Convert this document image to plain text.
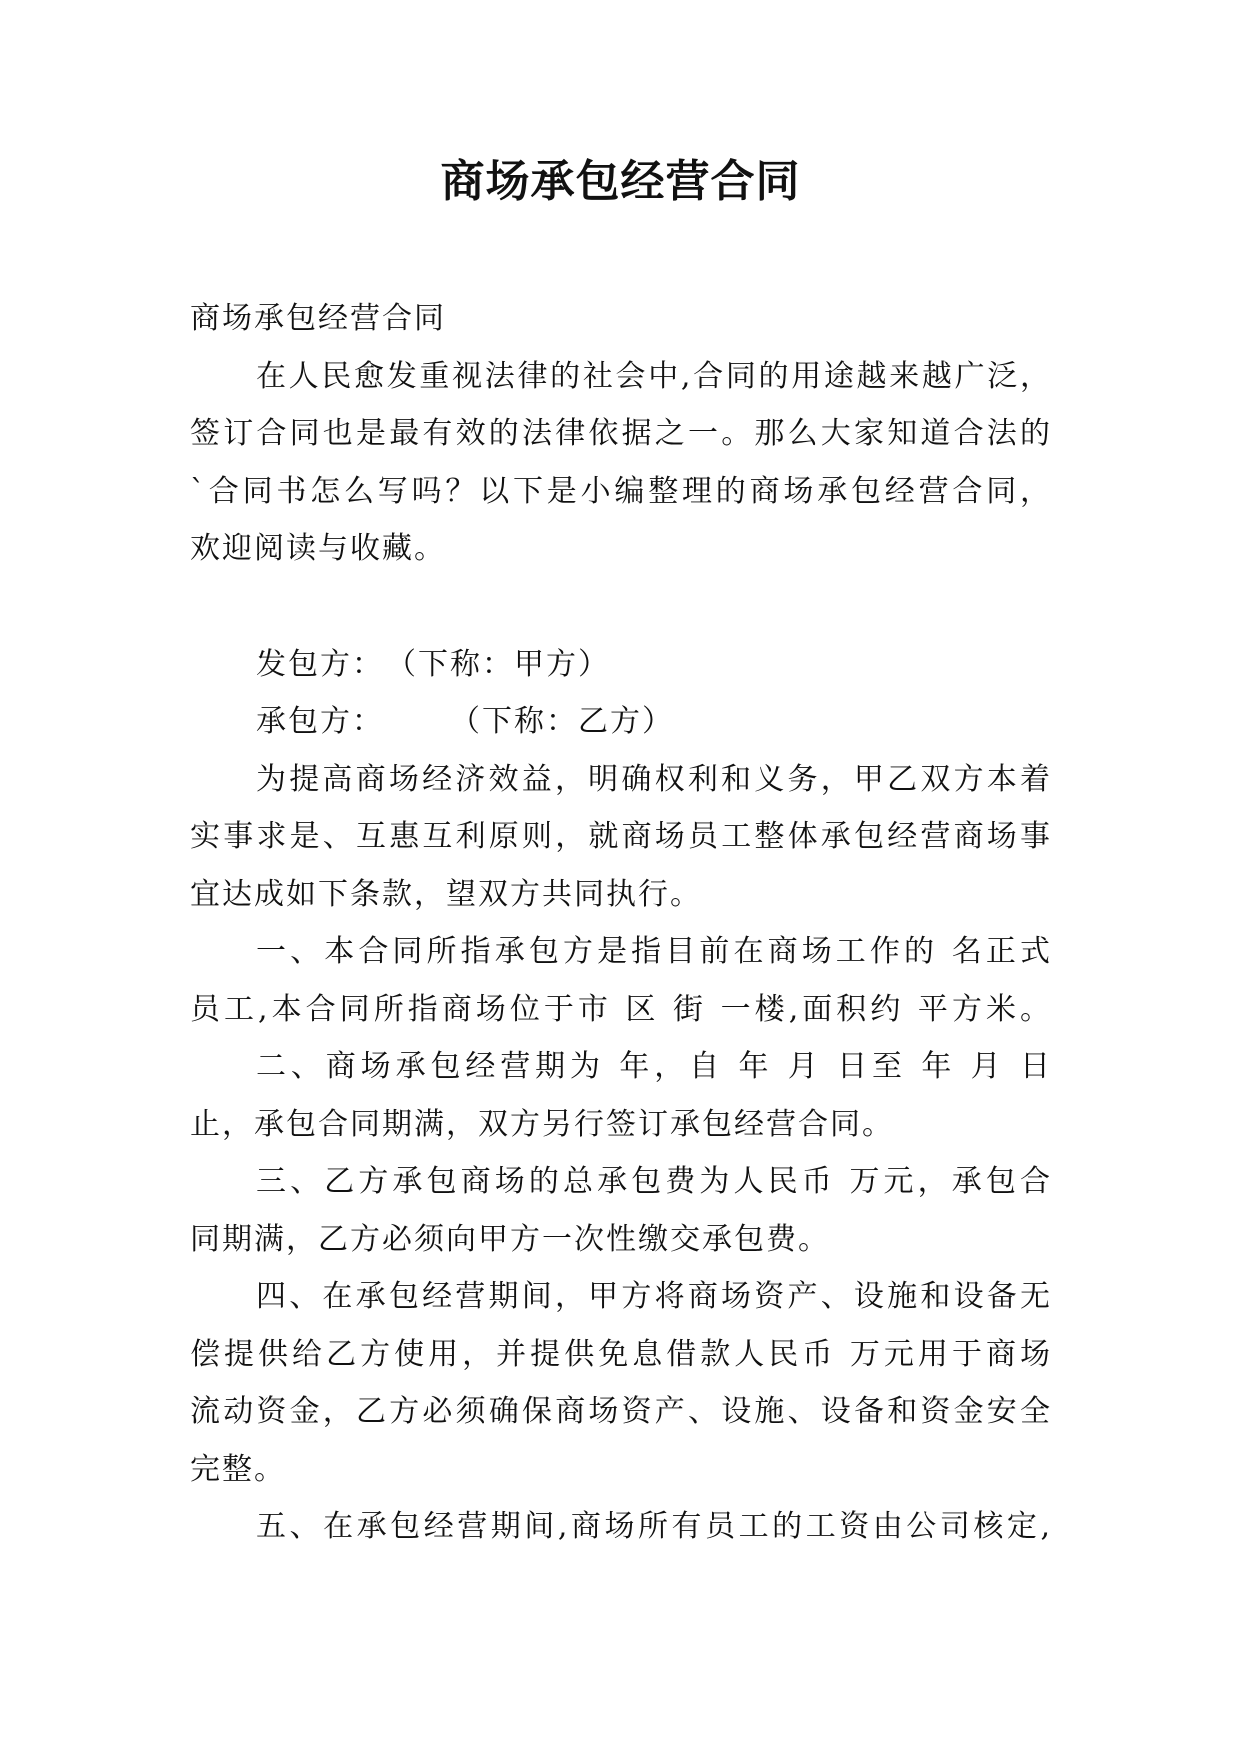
商场承包经营合同
商场承包经营合同
在人民愈发重视法律的社会中,合同的用途越来越广泛，
签订合同也是最有效的法律依据之一。那么大家知道合法的
`合同书怎么写吗？以下是小编整理的商场承包经营合同，
欢迎阅读与收藏。
发包方：　（下称：甲方）
承包方：　　　（下称：乙方）
为提高商场经济效益，明确权利和义务，甲乙双方本着
实事求是、互惠互利原则，就商场员工整体承包经营商场事
宜达成如下条款，望双方共同执行。
一、本合同所指承包方是指目前在商场工作的 名正式
员工,本合同所指商场位于市 区 街 一楼,面积约 平方米。
二、商场承包经营期为 年，自 年 月 日至 年 月 日
止，承包合同期满，双方另行签订承包经营合同。
三、乙方承包商场的总承包费为人民币 万元，承包合
同期满，乙方必须向甲方一次性缴交承包费。
四、在承包经营期间，甲方将商场资产、设施和设备无
偿提供给乙方使用，并提供免息借款人民币 万元用于商场
流动资金，乙方必须确保商场资产、设施、设备和资金安全
完整。
五、在承包经营期间,商场所有员工的工资由公司核定,
